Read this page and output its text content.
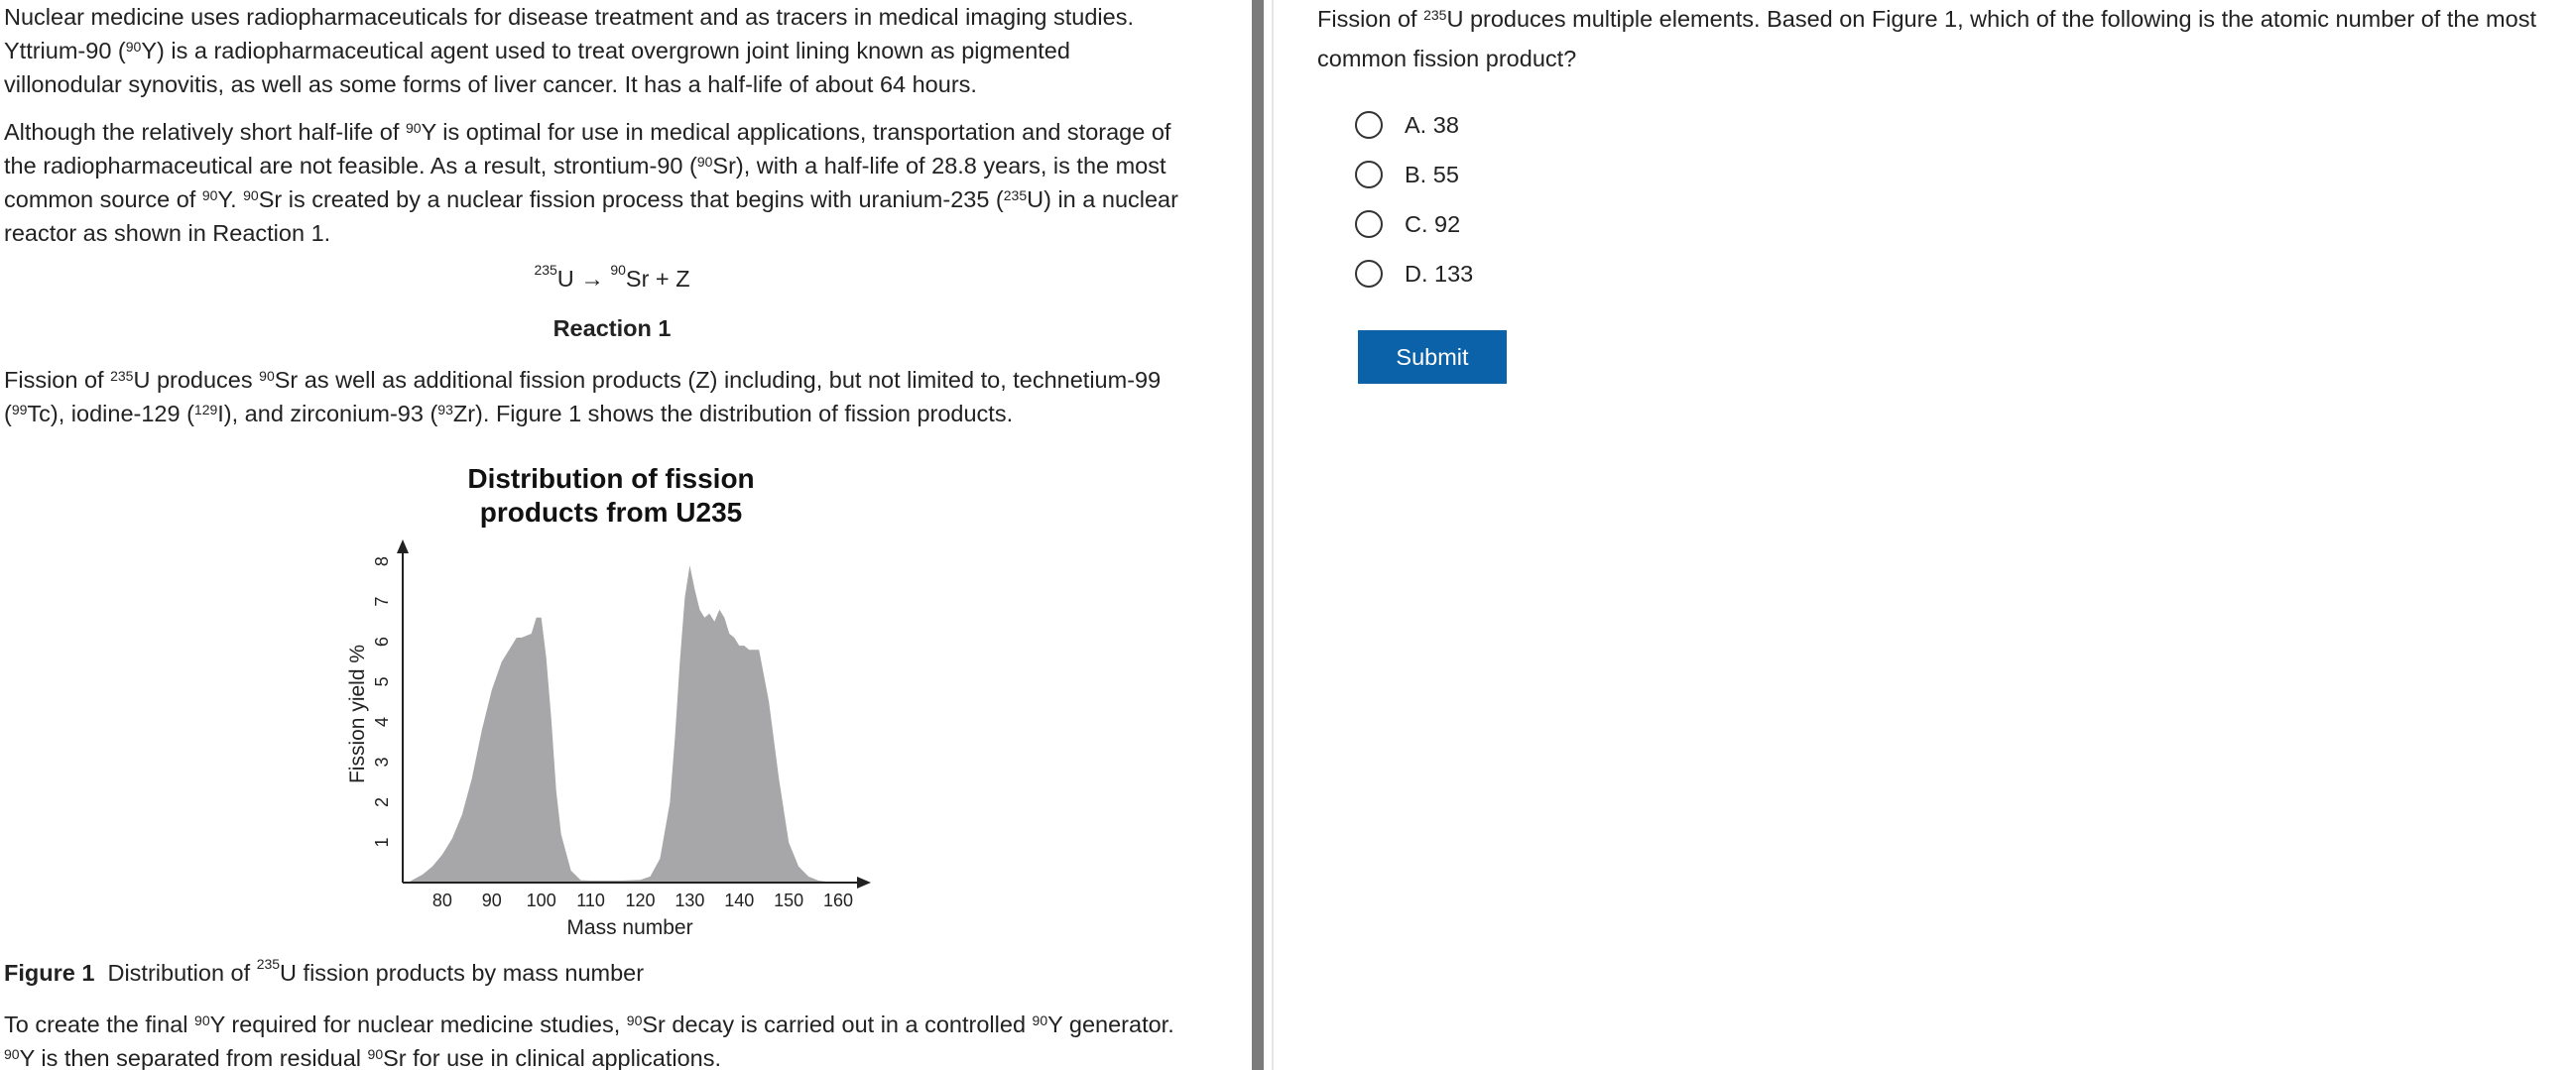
Nuclear medicine uses radiopharmaceuticals for disease treatment and as tracers in medical imaging studies.

Yttrium-90 ($^{90}$Y) is a radiopharmaceutical agent used to treat overgrown joint lining known as pigmented

villonodular synovitis, as well as some forms of liver cancer. It has a half-life of about 64 hours.

Although the relatively short half-life of $^{90}$Y is optimal for use in medical applications, transportation and storage of

the radiopharmaceutical are not feasible. As a result, strontium-90 ($^{90}$Sr), with a half-life of 28.8 years, is the most

common source of $^{90}$Y. $^{90}$Sr is created by a nuclear fission process that begins with uranium-235 ($^{235}$U) in a nuclear

reactor as shown in Reaction 1.

$^{235}$U → $^{90}$Sr + Z
Reaction 1

Fission of $^{235}$U produces $^{90}$Sr as well as additional fission products (Z) including, but not limited to, technetium-99

($^{99}$Tc), iodine-129 ($^{129}$I), and zirconium-93 ($^{93}$Zr). Figure 1 shows the distribution of fission products.

Distribution of fission
products from U235
80 90 100 110 120 130 140 150 160
1
2
3
4
5
6
7
8
Mass number
Fission yield %
Figure 1  Distribution of $^{235}$U fission products by mass number

To create the final $^{90}$Y required for nuclear medicine studies, $^{90}$Sr decay is carried out in a controlled $^{90}$Y generator.

$^{90}$Y is then separated from residual $^{90}$Sr for use in clinical applications.

Fission of $^{235}$U produces multiple elements. Based on Figure 1, which of the following is the atomic number of the most

common fission product?

A. 38
B. 55
C. 92
D. 133
Submit
